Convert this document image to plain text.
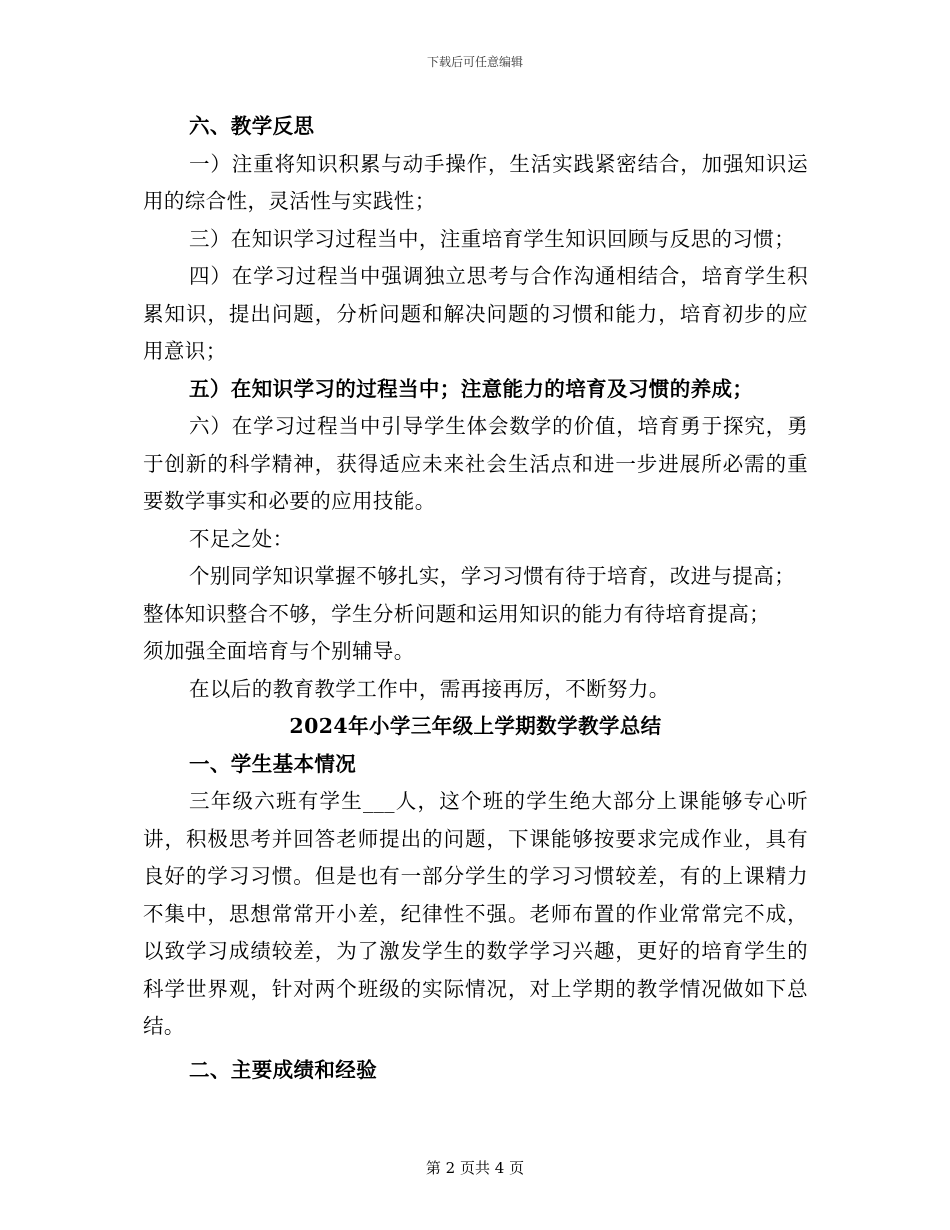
下载后可任意编辑

六、教学反思

一）注重将知识积累与动手操作，生活实践紧密结合，加强知识运用的综合性，灵活性与实践性；

三）在知识学习过程当中，注重培育学生知识回顾与反思的习惯；

四）在学习过程当中强调独立思考与合作沟通相结合，培育学生积累知识，提出问题，分析问题和解决问题的习惯和能力，培育初步的应用意识；

五）在知识学习的过程当中；注意能力的培育及习惯的养成；

六）在学习过程当中引导学生体会数学的价值，培育勇于探究，勇于创新的科学精神，获得适应未来社会生活点和进一步进展所必需的重要数学事实和必要的应用技能。

不足之处：

个别同学知识掌握不够扎实，学习习惯有待于培育，改进与提高；

整体知识整合不够，学生分析问题和运用知识的能力有待培育提高；

须加强全面培育与个别辅导。

在以后的教育教学工作中，需再接再厉，不断努力。

2024年小学三年级上学期数学教学总结

一、学生基本情况

三年级六班有学生___人，这个班的学生绝大部分上课能够专心听讲，积极思考并回答老师提出的问题，下课能够按要求完成作业，具有良好的学习习惯。但是也有一部分学生的学习习惯较差，有的上课精力不集中，思想常常开小差，纪律性不强。老师布置的作业常常完不成，以致学习成绩较差，为了激发学生的数学学习兴趣，更好的培育学生的科学世界观，针对两个班级的实际情况，对上学期的教学情况做如下总结。

二、主要成绩和经验

第 2 页共 4 页
